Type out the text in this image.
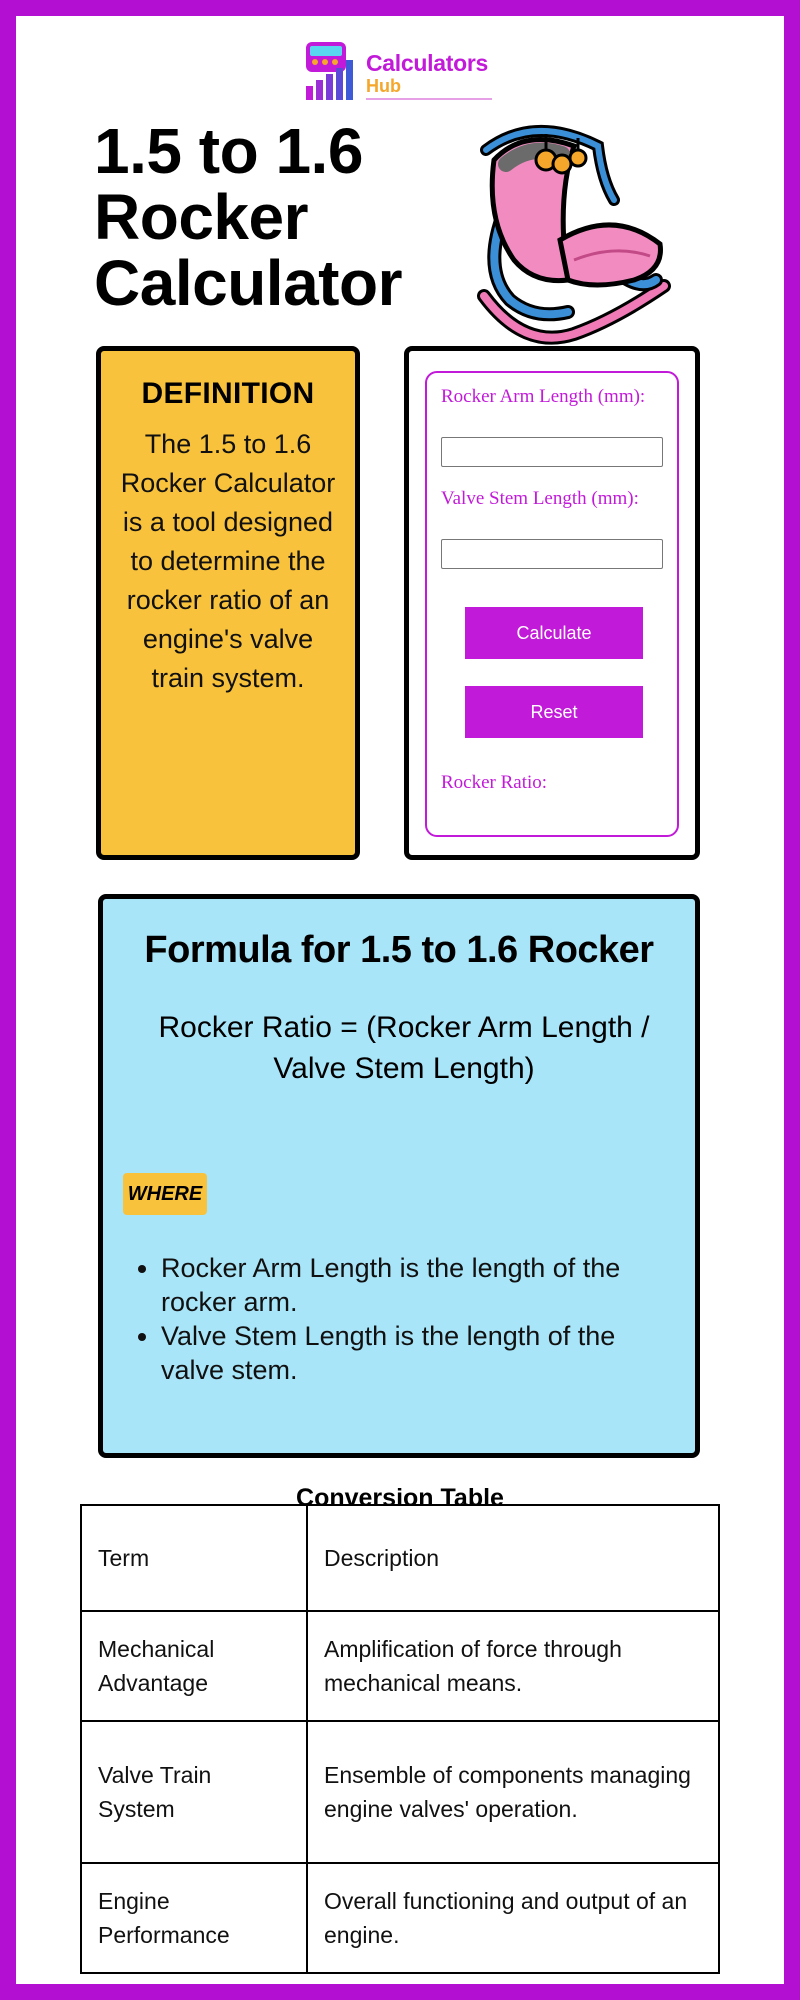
Calculators
Hub
1.5 to 1.6 Rocker Calculator
DEFINITION
The 1.5 to 1.6 Rocker Calculator is a tool designed to determine the rocker ratio of an engine's valve train system.
Rocker Arm Length (mm):
Valve Stem Length (mm):
Calculate
Reset
Rocker Ratio:
Formula for 1.5 to 1.6 Rocker
Rocker Ratio = (Rocker Arm Length / Valve Stem Length)
WHERE
• Rocker Arm Length is the length of the rocker arm.
• Valve Stem Length is the length of the valve stem.
Conversion Table
Term	Description
Mechanical Advantage	Amplification of force through mechanical means.
Valve Train System	Ensemble of components managing engine valves' operation.
Engine Performance	Overall functioning and output of an engine.
